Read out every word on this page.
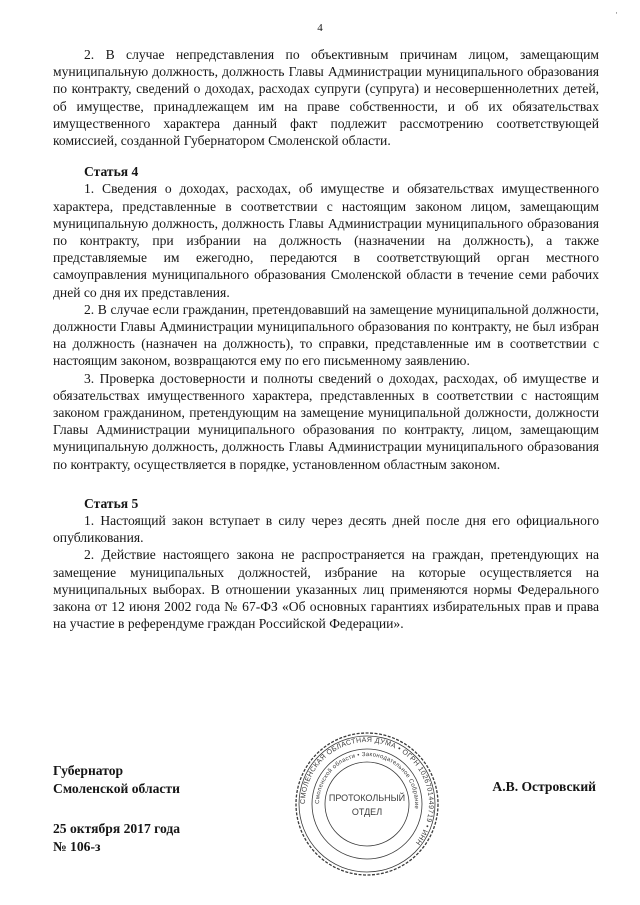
4
·

2. В случае непредставления по объективным причинам лицом, замещающим муниципальную должность, должность Главы Администрации муниципального образования по контракту, сведений о доходах, расходах супруги (супруга) и несовершеннолетних детей, об имуществе, принадлежащем им на праве собственности, и об их обязательствах имущественного характера данный факт подлежит рассмотрению соответствующей комиссией, созданной Губернатором Смоленской области.

Статья 4

1. Сведения о доходах, расходах, об имуществе и обязательствах имущественного характера, представленные в соответствии с настоящим законом лицом, замещающим муниципальную должность, должность Главы Администрации муниципального образования по контракту, при избрании на должность (назначении на должность), а также представляемые им ежегодно, передаются в соответствующий орган местного самоуправления муниципального образования Смоленской области в течение семи рабочих дней со дня их представления.

2. В случае если гражданин, претендовавший на замещение муниципальной должности, должности Главы Администрации муниципального образования по контракту, не был избран на должность (назначен на должность), то справки, представленные им в соответствии с настоящим законом, возвращаются ему по его письменному заявлению.

3. Проверка достоверности и полноты сведений о доходах, расходах, об имуществе и обязательствах имущественного характера, представленных в соответствии с настоящим законом гражданином, претендующим на замещение муниципальной должности, должности Главы Администрации муниципального образования по контракту, лицом, замещающим муниципальную должность, должность Главы Администрации муниципального образования по контракту, осуществляется в порядке, установленном областным законом.

Статья 5

1. Настоящий закон вступает в силу через десять дней после дня его официального опубликования.

2. Действие настоящего закона не распространяется на граждан, претендующих на замещение муниципальных должностей, избрание на которые осуществляется на муниципальных выборах. В отношении указанных лиц применяются нормы Федерального закона от 12 июня 2002 года № 67-ФЗ «Об основных гарантиях избирательных прав и права на участие в референдуме граждан Российской Федерации».

Губернатор
Смоленской области	А.В. Островский
25 октября 2017 года
№ 106-з
СМОЛЕНСКАЯ ОБЛАСТНАЯ ДУМА • ОГРН 1026701449719 • ИНН
Смоленской области • Законодательное Собрание
ПРОТОКОЛЬНЫЙ
ОТДЕЛ
